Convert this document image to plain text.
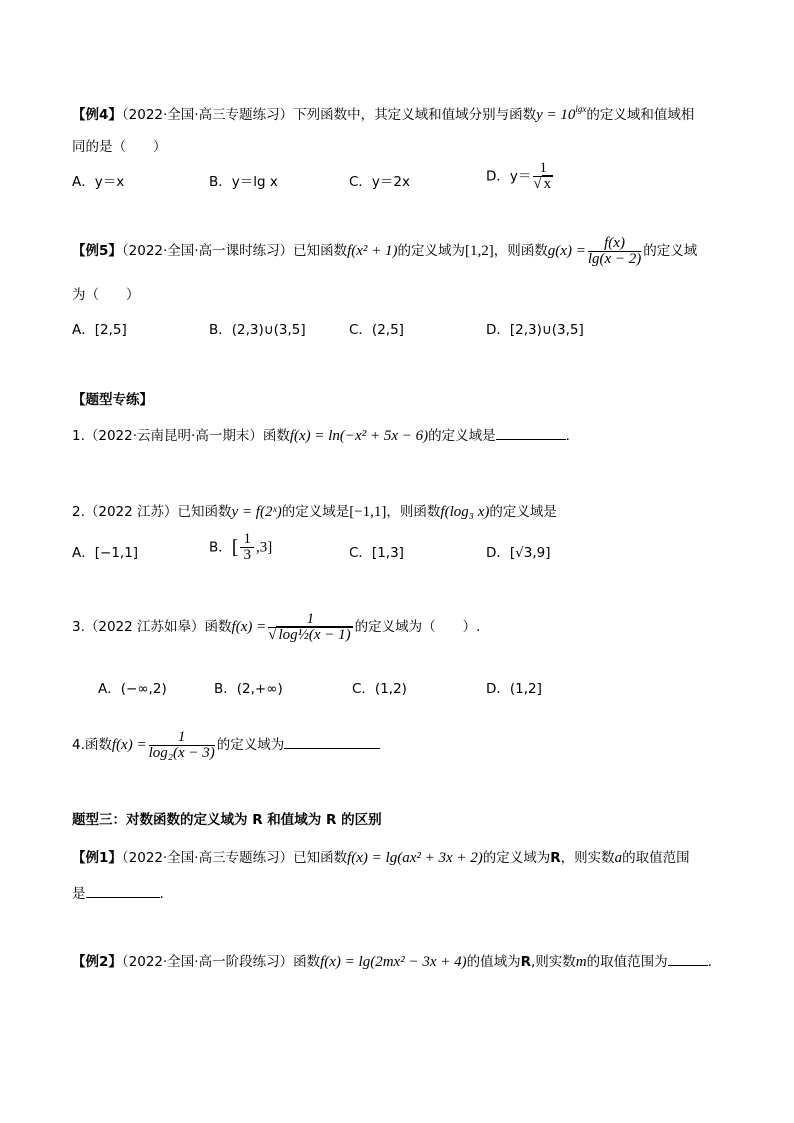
【例4】（2022·全国·高三专题练习）下列函数中，其定义域和值域分别与函数$y = 10^{lgx}$的定义域和值域相
同的是（　　）
A．y＝x	B．y＝lg x	C．y＝2x	D．$y= \frac{1}{√ x}$
【例5】（2022·全国·高一课时练习）已知函数f(x² + 1)的定义域为[1,2]，则函数$g(x) = \frac{f(x)}{\lg(x - 2)}$ 的定义域
为（　　）
A．[2,5]	B．(2,3)∪(3,5]	C．(2,5]	D．[2,3)∪(3,5]
【题型专练】
1.（2022·云南昆明·高一期末）函数f(x) = ln(−x² + 5x − 6)的定义域是	．
2.（2022 江苏）已知函数y = f(2ˣ)的定义域是[−1,1]，则函数f(log₃ x)的定义域是
A．[−1,1]	B．[ $\frac{1}{3} ,3$]	C．[1,3]	D．[√3,9]
3.（2022 江苏如皋）函数$f(x) = \frac{1}{\text{√ log½(x − 1)}}$ 的定义域为（　　）.
A．(−∞,2)	B．(2,+∞)	C．(1,2)	D．(1,2]
4.函数$f(x) = \frac{1}{\text{log₂(x − 3)}}$ 的定义域为
题型三：对数函数的定义域为 R 和值域为 R 的区别
【例1】（2022·全国·高三专题练习）已知函数f(x) = lg(ax² + 3x + 2)的定义域为R，则实数a的取值范围
是	.
【例2】（2022·全国·高一阶段练习）函数f(x) = lg(2mx² − 3x + 4)的值域为R,则实数m的取值范围为	.
